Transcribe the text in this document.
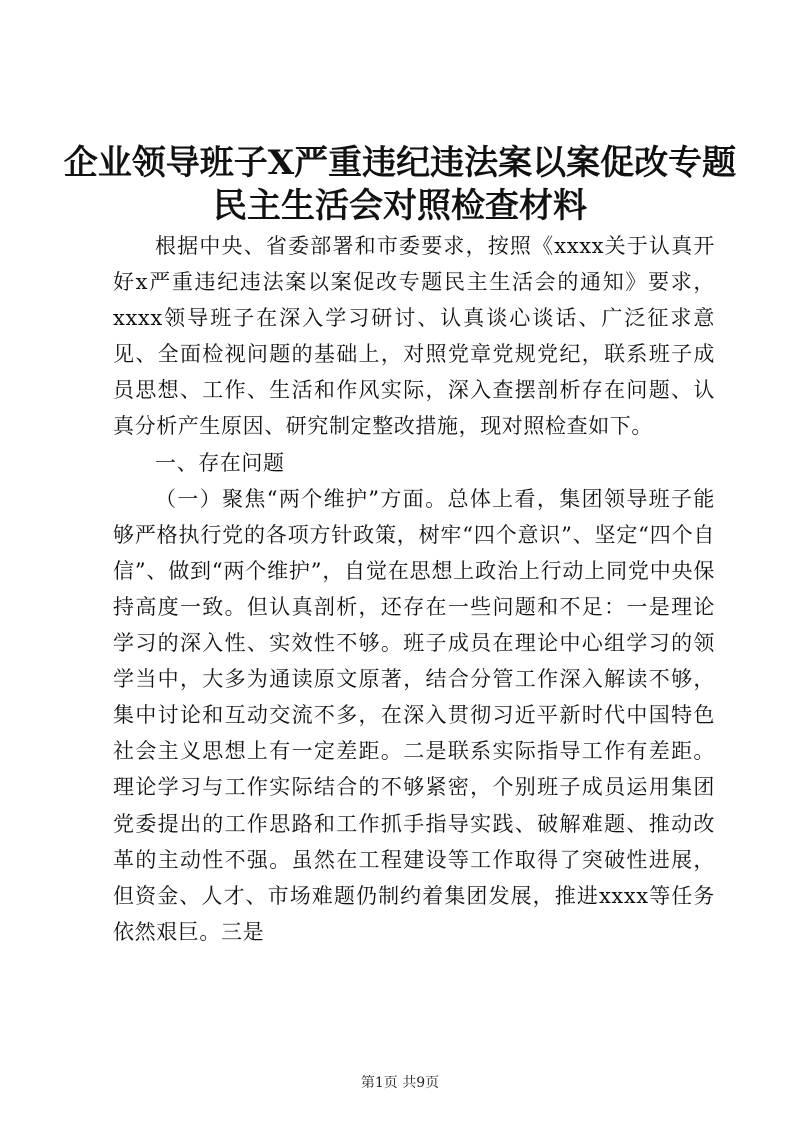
企业领导班子X严重违纪违法案以案促改专题
民主生活会对照检查材料

根据中央、省委部署和市委要求，按照《xxxx关于认真开好x严重违纪违法案以案促改专题民主生活会的通知》要求，xxxx领导班子在深入学习研讨、认真谈心谈话、广泛征求意见、全面检视问题的基础上，对照党章党规党纪，联系班子成员思想、工作、生活和作风实际，深入查摆剖析存在问题、认真分析产生原因、研究制定整改措施，现对照检查如下。

一、存在问题

（一）聚焦“两个维护”方面。总体上看，集团领导班子能够严格执行党的各项方针政策，树牢“四个意识”、坚定“四个自信”、做到“两个维护”，自觉在思想上政治上行动上同党中央保持高度一致。但认真剖析，还存在一些问题和不足：一是理论学习的深入性、实效性不够。班子成员在理论中心组学习的领学当中，大多为通读原文原著，结合分管工作深入解读不够，集中讨论和互动交流不多，在深入贯彻习近平新时代中国特色社会主义思想上有一定差距。二是联系实际指导工作有差距。理论学习与工作实际结合的不够紧密，个别班子成员运用集团党委提出的工作思路和工作抓手指导实践、破解难题、推动改革的主动性不强。虽然在工程建设等工作取得了突破性进展，但资金、人才、市场难题仍制约着集团发展，推进xxxx等任务依然艰巨。三是

第1页 共9页
